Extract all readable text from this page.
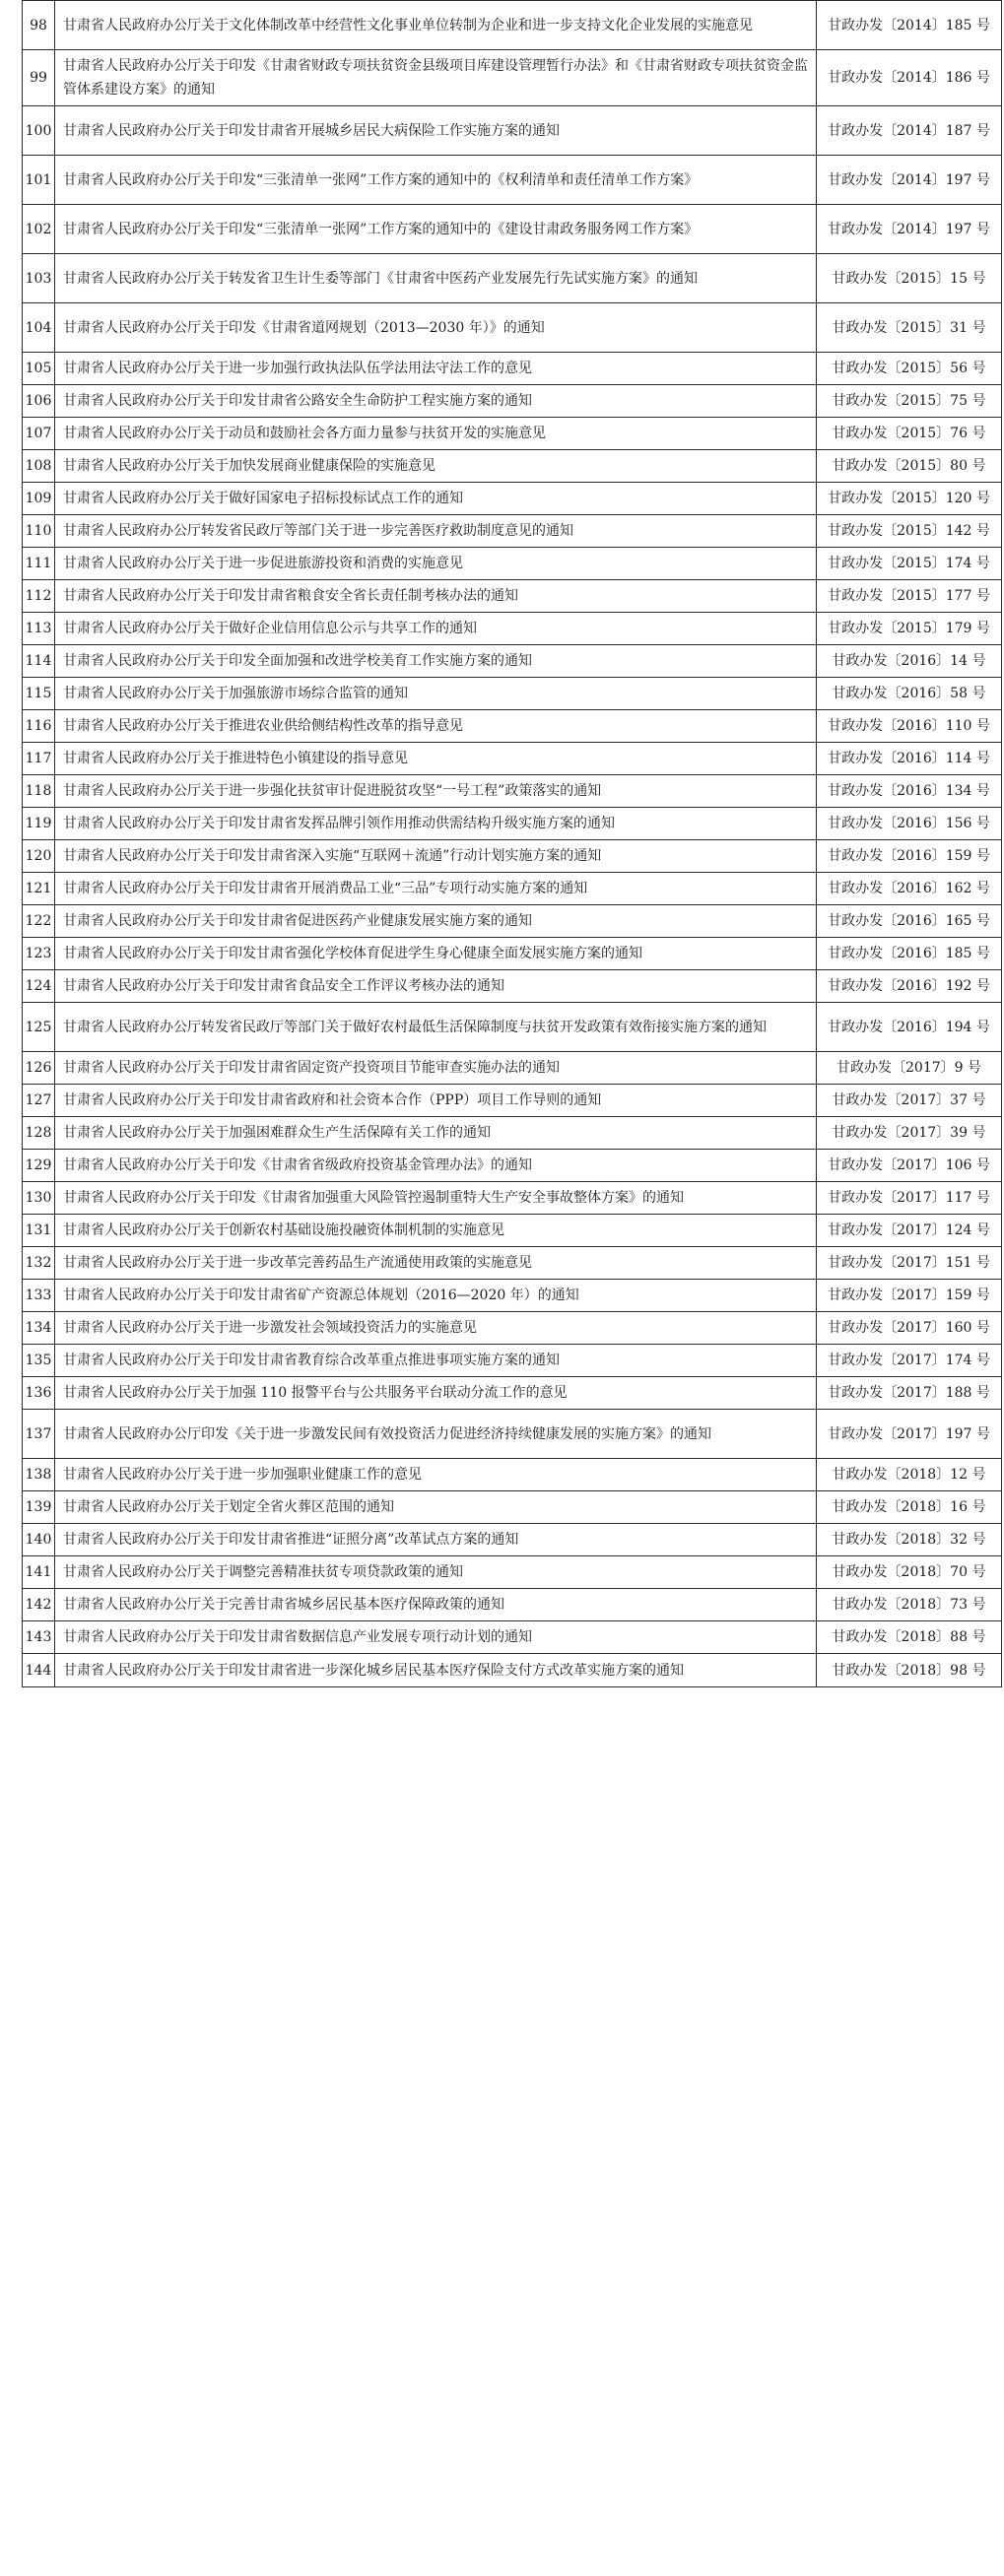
98	甘肃省人民政府办公厅关于文化体制改革中经营性文化事业单位转制为企业和进一步支持文化企业发展的实施意见	甘政办发〔2014〕185 号
99	甘肃省人民政府办公厅关于印发《甘肃省财政专项扶贫资金县级项目库建设管理暂行办法》和《甘肃省财政专项扶贫资金监管体系建设方案》的通知	甘政办发〔2014〕186 号
100	甘肃省人民政府办公厅关于印发甘肃省开展城乡居民大病保险工作实施方案的通知	甘政办发〔2014〕187 号
101	甘肃省人民政府办公厅关于印发“三张清单一张网”工作方案的通知中的《权利清单和责任清单工作方案》	甘政办发〔2014〕197 号
102	甘肃省人民政府办公厅关于印发“三张清单一张网”工作方案的通知中的《建设甘肃政务服务网工作方案》	甘政办发〔2014〕197 号
103	甘肃省人民政府办公厅关于转发省卫生计生委等部门《甘肃省中医药产业发展先行先试实施方案》的通知	甘政办发〔2015〕15 号
104	甘肃省人民政府办公厅关于印发《甘肃省道网规划（2013—2030 年）》的通知	甘政办发〔2015〕31 号
105	甘肃省人民政府办公厅关于进一步加强行政执法队伍学法用法守法工作的意见	甘政办发〔2015〕56 号
106	甘肃省人民政府办公厅关于印发甘肃省公路安全生命防护工程实施方案的通知	甘政办发〔2015〕75 号
107	甘肃省人民政府办公厅关于动员和鼓励社会各方面力量参与扶贫开发的实施意见	甘政办发〔2015〕76 号
108	甘肃省人民政府办公厅关于加快发展商业健康保险的实施意见	甘政办发〔2015〕80 号
109	甘肃省人民政府办公厅关于做好国家电子招标投标试点工作的通知	甘政办发〔2015〕120 号
110	甘肃省人民政府办公厅转发省民政厅等部门关于进一步完善医疗救助制度意见的通知	甘政办发〔2015〕142 号
111	甘肃省人民政府办公厅关于进一步促进旅游投资和消费的实施意见	甘政办发〔2015〕174 号
112	甘肃省人民政府办公厅关于印发甘肃省粮食安全省长责任制考核办法的通知	甘政办发〔2015〕177 号
113	甘肃省人民政府办公厅关于做好企业信用信息公示与共享工作的通知	甘政办发〔2015〕179 号
114	甘肃省人民政府办公厅关于印发全面加强和改进学校美育工作实施方案的通知	甘政办发〔2016〕14 号
115	甘肃省人民政府办公厅关于加强旅游市场综合监管的通知	甘政办发〔2016〕58 号
116	甘肃省人民政府办公厅关于推进农业供给侧结构性改革的指导意见	甘政办发〔2016〕110 号
117	甘肃省人民政府办公厅关于推进特色小镇建设的指导意见	甘政办发〔2016〕114 号
118	甘肃省人民政府办公厅关于进一步强化扶贫审计促进脱贫攻坚“一号工程”政策落实的通知	甘政办发〔2016〕134 号
119	甘肃省人民政府办公厅关于印发甘肃省发挥品牌引领作用推动供需结构升级实施方案的通知	甘政办发〔2016〕156 号
120	甘肃省人民政府办公厅关于印发甘肃省深入实施“互联网＋流通”行动计划实施方案的通知	甘政办发〔2016〕159 号
121	甘肃省人民政府办公厅关于印发甘肃省开展消费品工业“三品”专项行动实施方案的通知	甘政办发〔2016〕162 号
122	甘肃省人民政府办公厅关于印发甘肃省促进医药产业健康发展实施方案的通知	甘政办发〔2016〕165 号
123	甘肃省人民政府办公厅关于印发甘肃省强化学校体育促进学生身心健康全面发展实施方案的通知	甘政办发〔2016〕185 号
124	甘肃省人民政府办公厅关于印发甘肃省食品安全工作评议考核办法的通知	甘政办发〔2016〕192 号
125	甘肃省人民政府办公厅转发省民政厅等部门关于做好农村最低生活保障制度与扶贫开发政策有效衔接实施方案的通知	甘政办发〔2016〕194 号
126	甘肃省人民政府办公厅关于印发甘肃省固定资产投资项目节能审查实施办法的通知	甘政办发〔2017〕9 号
127	甘肃省人民政府办公厅关于印发甘肃省政府和社会资本合作（PPP）项目工作导则的通知	甘政办发〔2017〕37 号
128	甘肃省人民政府办公厅关于加强困难群众生产生活保障有关工作的通知	甘政办发〔2017〕39 号
129	甘肃省人民政府办公厅关于印发《甘肃省省级政府投资基金管理办法》的通知	甘政办发〔2017〕106 号
130	甘肃省人民政府办公厅关于印发《甘肃省加强重大风险管控遏制重特大生产安全事故整体方案》的通知	甘政办发〔2017〕117 号
131	甘肃省人民政府办公厅关于创新农村基础设施投融资体制机制的实施意见	甘政办发〔2017〕124 号
132	甘肃省人民政府办公厅关于进一步改革完善药品生产流通使用政策的实施意见	甘政办发〔2017〕151 号
133	甘肃省人民政府办公厅关于印发甘肃省矿产资源总体规划（2016—2020 年）的通知	甘政办发〔2017〕159 号
134	甘肃省人民政府办公厅关于进一步激发社会领域投资活力的实施意见	甘政办发〔2017〕160 号
135	甘肃省人民政府办公厅关于印发甘肃省教育综合改革重点推进事项实施方案的通知	甘政办发〔2017〕174 号
136	甘肃省人民政府办公厅关于加强 110 报警平台与公共服务平台联动分流工作的意见	甘政办发〔2017〕188 号
137	甘肃省人民政府办公厅印发《关于进一步激发民间有效投资活力促进经济持续健康发展的实施方案》的通知	甘政办发〔2017〕197 号
138	甘肃省人民政府办公厅关于进一步加强职业健康工作的意见	甘政办发〔2018〕12 号
139	甘肃省人民政府办公厅关于划定全省火葬区范围的通知	甘政办发〔2018〕16 号
140	甘肃省人民政府办公厅关于印发甘肃省推进“证照分离”改革试点方案的通知	甘政办发〔2018〕32 号
141	甘肃省人民政府办公厅关于调整完善精准扶贫专项贷款政策的通知	甘政办发〔2018〕70 号
142	甘肃省人民政府办公厅关于完善甘肃省城乡居民基本医疗保障政策的通知	甘政办发〔2018〕73 号
143	甘肃省人民政府办公厅关于印发甘肃省数据信息产业发展专项行动计划的通知	甘政办发〔2018〕88 号
144	甘肃省人民政府办公厅关于印发甘肃省进一步深化城乡居民基本医疗保险支付方式改革实施方案的通知	甘政办发〔2018〕98 号
